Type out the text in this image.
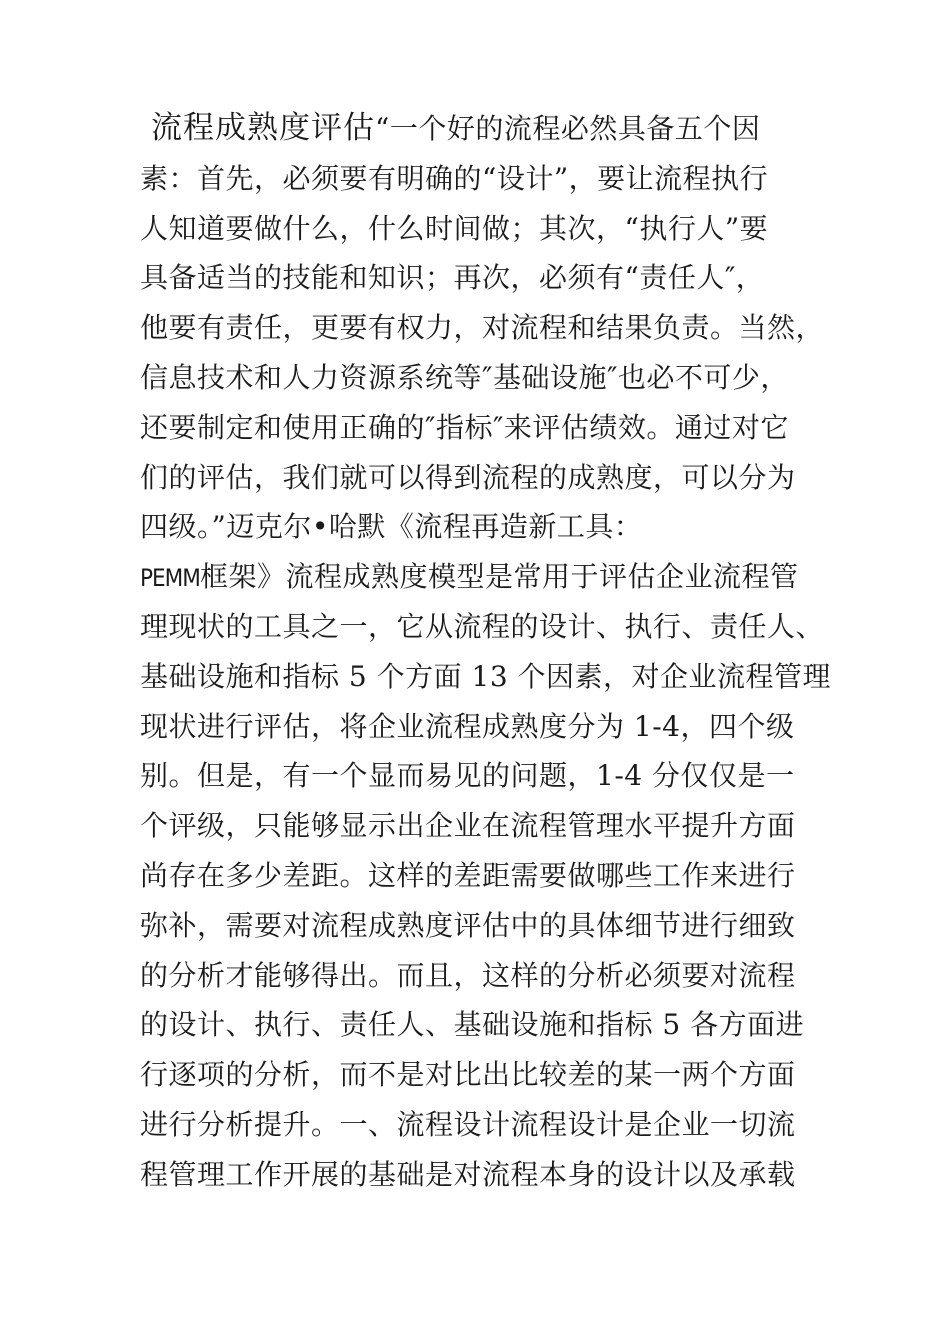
流程成熟度评估“一个好的流程必然具备五个因
素：首先，必须要有明确的“设计”，要让流程执行
人知道要做什么，什么时间做；其次，“执行人”要
具备适当的技能和知识；再次，必须有“责任人″，
他要有责任，更要有权力，对流程和结果负责。当然，
信息技术和人力资源系统等″基础设施″也必不可少，
还要制定和使用正确的″指标″来评估绩效。通过对它
们的评估，我们就可以得到流程的成熟度，可以分为
四级。”迈克尔•哈默《流程再造新工具：
PEMM框架》流程成熟度模型是常用于评估企业流程管
理现状的工具之一，它从流程的设计、执行、责任人、
基础设施和指标 5 个方面 13 个因素，对企业流程管理
现状进行评估，将企业流程成熟度分为 1-4，四个级
别。但是，有一个显而易见的问题，1-4 分仅仅是一
个评级，只能够显示出企业在流程管理水平提升方面
尚存在多少差距。这样的差距需要做哪些工作来进行
弥补，需要对流程成熟度评估中的具体细节进行细致
的分析才能够得出。而且，这样的分析必须要对流程
的设计、执行、责任人、基础设施和指标 5 各方面进
行逐项的分析，而不是对比出比较差的某一两个方面
进行分析提升。一、流程设计流程设计是企业一切流
程管理工作开展的基础是对流程本身的设计以及承载
